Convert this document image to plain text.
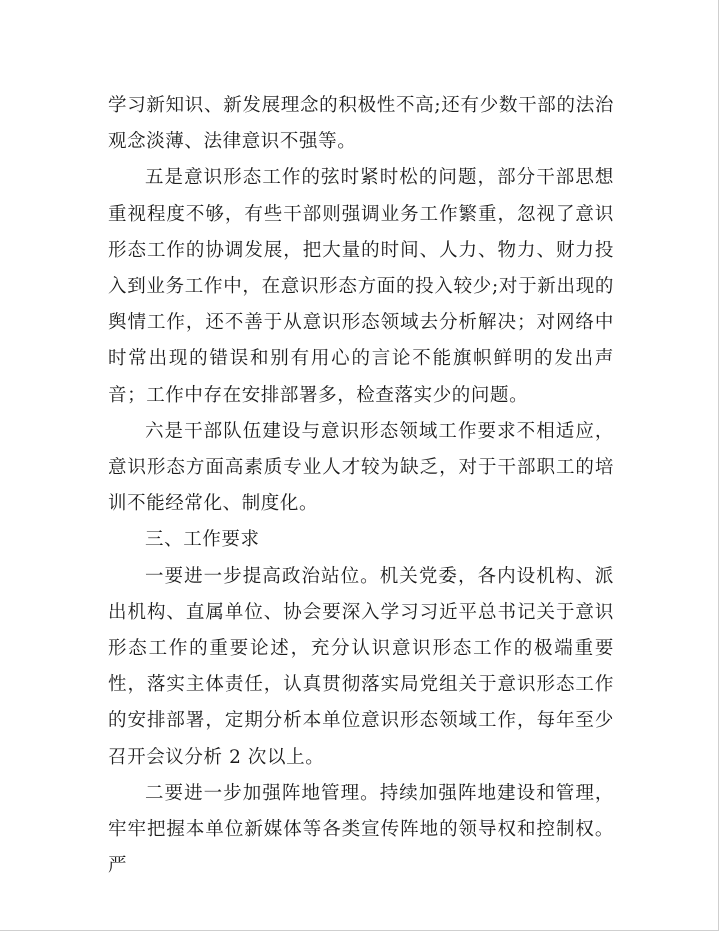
学习新知识、新发展理念的积极性不高;还有少数干部的法治观念淡薄、法律意识不强等。

五是意识形态工作的弦时紧时松的问题，部分干部思想重视程度不够，有些干部则强调业务工作繁重，忽视了意识形态工作的协调发展，把大量的时间、人力、物力、财力投入到业务工作中，在意识形态方面的投入较少;对于新出现的舆情工作，还不善于从意识形态领域去分析解决；对网络中时常出现的错误和别有用心的言论不能旗帜鲜明的发出声音；工作中存在安排部署多，检查落实少的问题。

六是干部队伍建设与意识形态领域工作要求不相适应，意识形态方面高素质专业人才较为缺乏，对于干部职工的培训不能经常化、制度化。

三、工作要求

一要进一步提高政治站位。机关党委，各内设机构、派出机构、直属单位、协会要深入学习习近平总书记关于意识形态工作的重要论述，充分认识意识形态工作的极端重要性，落实主体责任，认真贯彻落实局党组关于意识形态工作的安排部署，定期分析本单位意识形态领域工作，每年至少召开会议分析 2 次以上。

二要进一步加强阵地管理。持续加强阵地建设和管理，牢牢把握本单位新媒体等各类宣传阵地的领导权和控制权。严
